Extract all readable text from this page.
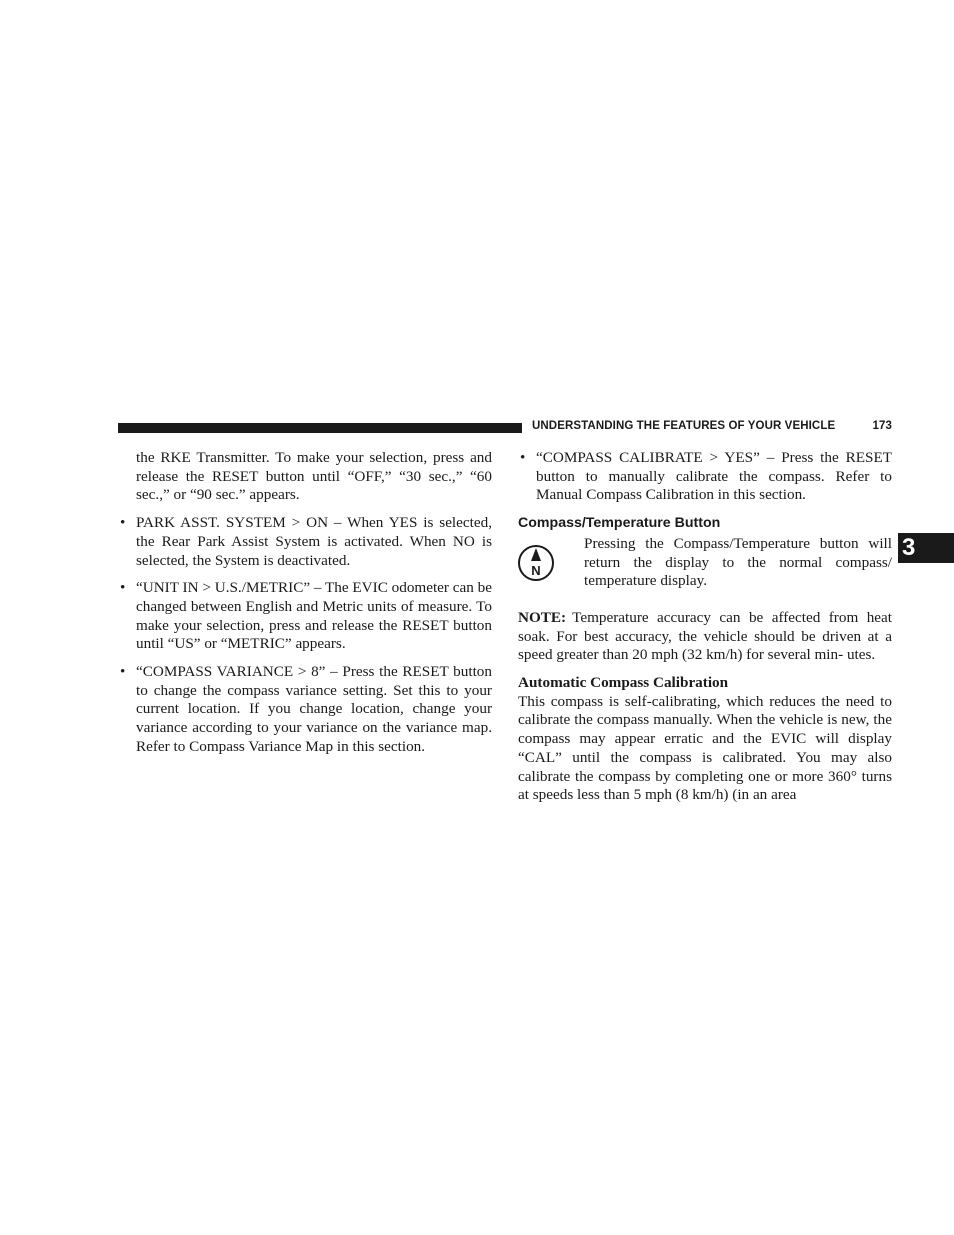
UNDERSTANDING THE FEATURES OF YOUR VEHICLE	173
3

the RKE Transmitter. To make your selection, press and release the RESET button until “OFF,” “30 sec.,” “60 sec.,” or “90 sec.” appears.

• PARK ASST. SYSTEM > ON – When YES is selected, the Rear Park Assist System is activated. When NO is selected, the System is deactivated.
• “UNIT IN > U.S./METRIC” – The EVIC odometer can be changed between English and Metric units of measure. To make your selection, press and release the RESET button until “US” or “METRIC” appears.
• “COMPASS VARIANCE > 8” – Press the RESET button to change the compass variance setting. Set this to your current location. If you change location, change your variance according to your variance on the variance map. Refer to Compass Variance Map in this section.
• “COMPASS CALIBRATE > YES” – Press the RESET button to manually calibrate the compass. Refer to Manual Compass Calibration in this section.
Compass/Temperature Button
N
Pressing the Compass/Temperature button will return the display to the normal compass/ temperature display.

NOTE: Temperature accuracy can be affected from heat soak. For best accuracy, the vehicle should be driven at a speed greater than 20 mph (32 km/h) for several min- utes.

Automatic Compass Calibration

This compass is self-calibrating, which reduces the need to calibrate the compass manually. When the vehicle is new, the compass may appear erratic and the EVIC will display “CAL” until the compass is calibrated. You may also calibrate the compass by completing one or more 360° turns at speeds less than 5 mph (8 km/h) (in an area
